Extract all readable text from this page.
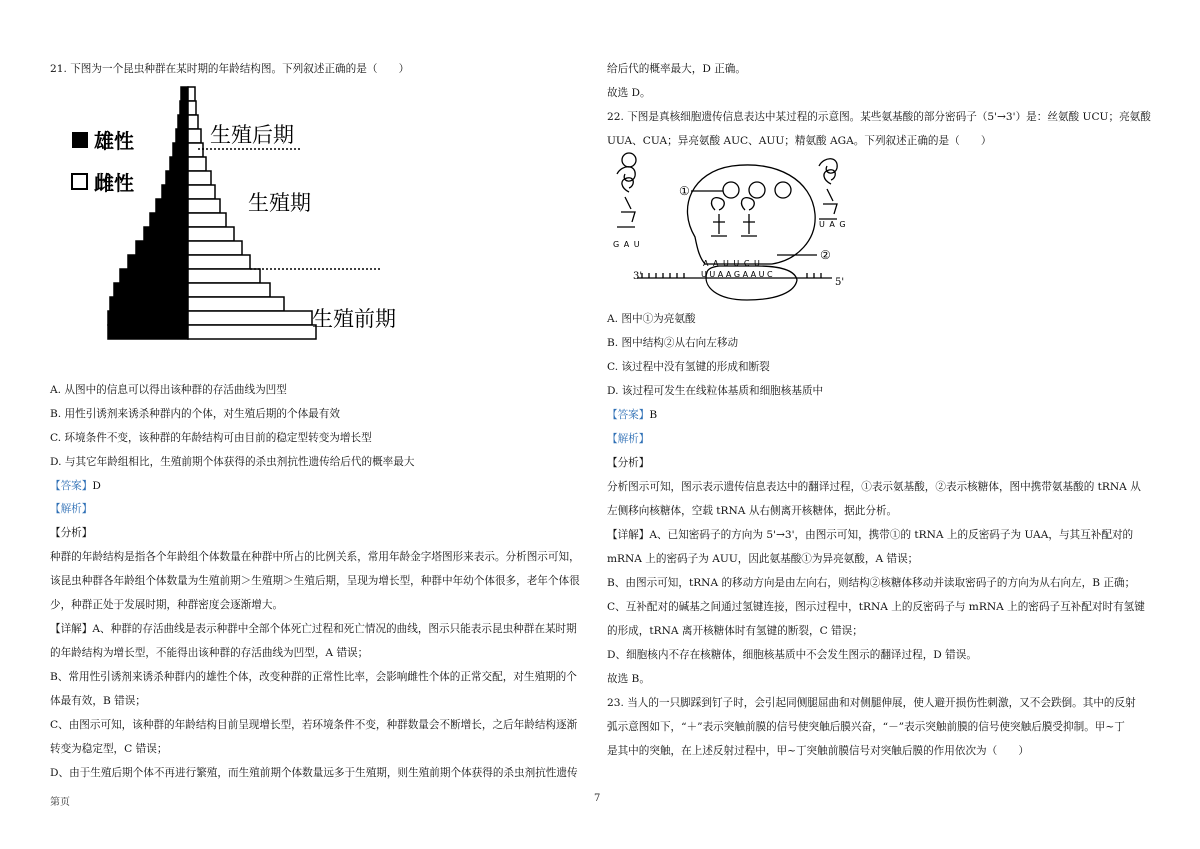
21. 下图为一个昆虫种群在某时期的年龄结构图。下列叙述正确的是（　　）
雄性
雌性
生殖后期
生殖期
生殖前期
A. 从图中的信息可以得出该种群的存活曲线为凹型
B. 用性引诱剂来诱杀种群内的个体，对生殖后期的个体最有效
C. 环境条件不变，该种群的年龄结构可由目前的稳定型转变为增长型
D. 与其它年龄组相比，生殖前期个体获得的杀虫剂抗性遗传给后代的概率最大
【答案】D
【解析】
【分析】
种群的年龄结构是指各个年龄组个体数量在种群中所占的比例关系，常用年龄金字塔图形来表示。分析图示可知，
该昆虫种群各年龄组个体数量为生殖前期＞生殖期＞生殖后期，呈现为增长型，种群中年幼个体很多，老年个体很
少，种群正处于发展时期，种群密度会逐渐增大。
【详解】A、种群的存活曲线是表示种群中全部个体死亡过程和死亡情况的曲线，图示只能表示昆虫种群在某时期
的年龄结构为增长型，不能得出该种群的存活曲线为凹型，A 错误；
B、常用性引诱剂来诱杀种群内的雄性个体，改变种群的正常性比率，会影响雌性个体的正常交配，对生殖期的个
体最有效，B 错误；
C、由图示可知，该种群的年龄结构目前呈现增长型，若环境条件不变，种群数量会不断增长，之后年龄结构逐渐
转变为稳定型，C 错误；
D、由于生殖后期个体不再进行繁殖，而生殖前期个体数量远多于生殖期，则生殖前期个体获得的杀虫剂抗性遗传
给后代的概率最大，D 正确。
故选 D。
22. 下图是真核细胞遗传信息表达中某过程的示意图。某些氨基酸的部分密码子（5'→3'）是：丝氨酸 UCU；亮氨酸
UUA、CUA；异亮氨酸 AUC、AUU；精氨酸 AGA。下列叙述正确的是（　　）
①
②
3'
5'
G A U
U A G
A A U U C U
U U A A G A A U C
A. 图中①为亮氨酸
B. 图中结构②从右向左移动
C. 该过程中没有氢键的形成和断裂
D. 该过程可发生在线粒体基质和细胞核基质中
【答案】B
【解析】
【分析】
分析图示可知，图示表示遗传信息表达中的翻译过程，①表示氨基酸，②表示核糖体，图中携带氨基酸的 tRNA 从
左侧移向核糖体，空载 tRNA 从右侧离开核糖体，据此分析。
【详解】A、已知密码子的方向为 5'→3'，由图示可知，携带①的 tRNA 上的反密码子为 UAA，与其互补配对的
mRNA 上的密码子为 AUU，因此氨基酸①为异亮氨酸，A 错误；
B、由图示可知，tRNA 的移动方向是由左向右，则结构②核糖体移动并读取密码子的方向为从右向左，B 正确；
C、互补配对的碱基之间通过氢键连接，图示过程中，tRNA 上的反密码子与 mRNA 上的密码子互补配对时有氢键
的形成，tRNA 离开核糖体时有氢键的断裂，C 错误；
D、细胞核内不存在核糖体，细胞核基质中不会发生图示的翻译过程，D 错误。
故选 B。
23. 当人的一只脚踩到钉子时，会引起同侧腿屈曲和对侧腿伸展，使人避开损伤性刺激，又不会跌倒。其中的反射
弧示意图如下，“＋”表示突触前膜的信号使突触后膜兴奋，“－”表示突触前膜的信号使突触后膜受抑制。甲~丁
是其中的突触，在上述反射过程中，甲~丁突触前膜信号对突触后膜的作用依次为（　　）
第页	7
